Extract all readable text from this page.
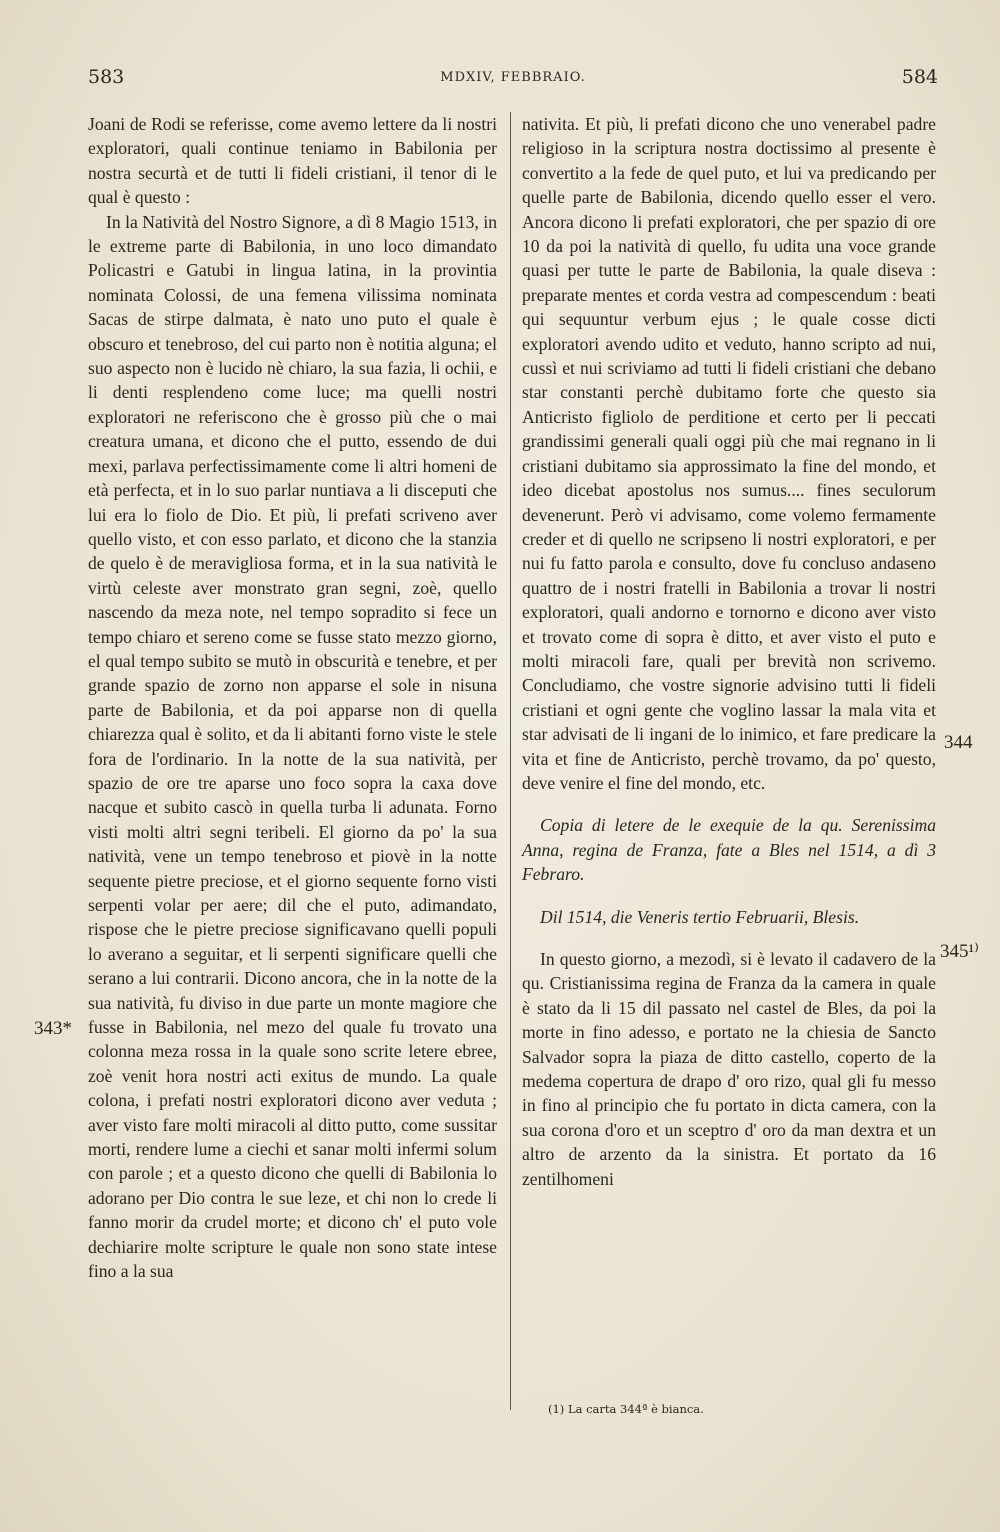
583	MDXIV, FEBBRAIO.	584

Joani de Rodi se referisse, come avemo lettere da li nostri exploratori, quali continue teniamo in Babilonia per nostra securtà et de tutti li fideli cristiani, il tenor di le qual è questo :

In la Natività del Nostro Signore, a dì 8 Magio 1513, in le extreme parte di Babilonia, in uno loco dimandato Policastri e Gatubi in lingua latina, in la provintia nominata Colossi, de una femena vilissima nominata Sacas de stirpe dalmata, è nato uno puto el quale è obscuro et tenebroso, del cui parto non è notitia alguna; el suo aspecto non è lucido nè chiaro, la sua fazia, li ochii, e li denti resplendeno come luce; ma quelli nostri exploratori ne referiscono che è grosso più che o mai creatura umana, et dicono che el putto, essendo de dui mexi, parlava perfectissimamente come li altri homeni de età perfecta, et in lo suo parlar nuntiava a li disceputi che lui era lo fiolo de Dio. Et più, li prefati scriveno aver quello visto, et con esso parlato, et dicono che la stanzia de quelo è de meravigliosa forma, et in la sua natività le virtù celeste aver monstrato gran segni, zoè, quello nascendo da meza note, nel tempo sopradito si fece un tempo chiaro et sereno come se fusse stato mezzo giorno, el qual tempo subito se mutò in obscurità e tenebre, et per grande spazio de zorno non apparse el sole in nisuna parte de Babilonia, et da poi apparse non di quella chiarezza qual è solito, et da li abitanti forno viste le stele fora de l'ordinario. In la notte de la sua natività, per spazio de ore tre aparse uno foco sopra la caxa dove nacque et subito cascò in quella turba li adunata. Forno visti molti altri segni teribeli. El giorno da po' la sua natività, vene un tempo tenebroso et piovè in la notte sequente pietre preciose, et el giorno sequente forno visti serpenti volar per aere; dil che el puto, adimandato, rispose che le pietre preciose significavano quelli populi lo averano a seguitar, et li serpenti significare quelli che serano a lui contrarii. Dicono ancora, che in la notte de la sua natività, fu diviso in due parte un monte magiore che fusse in Babilonia, nel mezo del quale fu trovato una colonna meza rossa in la quale sono scrite letere ebree, zoè venit hora nostri acti exitus de mundo. La quale colona, i prefati nostri exploratori dicono aver veduta ; aver visto fare molti miracoli al ditto putto, come sussitar morti, rendere lume a ciechi et sanar molti infermi solum con parole ; et a questo dicono che quelli di Babilonia lo adorano per Dio contra le sue leze, et chi non lo crede li fanno morir da crudel morte; et dicono ch' el puto vole dechiarire molte scripture le quale non sono state intese fino a la sua

nativita. Et più, li prefati dicono che uno venerabel padre religioso in la scriptura nostra doctissimo al presente è convertito a la fede de quel puto, et lui va predicando per quelle parte de Babilonia, dicendo quello esser el vero. Ancora dicono li prefati exploratori, che per spazio di ore 10 da poi la natività di quello, fu udita una voce grande quasi per tutte le parte de Babilonia, la quale diseva : preparate mentes et corda vestra ad compescendum : beati qui sequuntur verbum ejus ; le quale cosse dicti exploratori avendo udito et veduto, hanno scripto ad nui, cussì et nui scriviamo ad tutti li fideli cristiani che debano star constanti perchè dubitamo forte che questo sia Anticristo figliolo de perditione et certo per li peccati grandissimi generali quali oggi più che mai regnano in li cristiani dubitamo sia approssimato la fine del mondo, et ideo dicebat apostolus nos sumus.... fines seculorum devenerunt. Però vi advisamo, come volemo fermamente creder et di quello ne scripseno li nostri exploratori, e per nui fu fatto parola e consulto, dove fu concluso andaseno quattro de i nostri fratelli in Babilonia a trovar li nostri exploratori, quali andorno e tornorno e dicono aver visto et trovato come di sopra è ditto, et aver visto el puto e molti miracoli fare, quali per brevità non scrivemo. Concludiamo, che vostre signorie advisino tutti li fideli cristiani et ogni gente che voglino lassar la mala vita et star advisati de li ingani de lo inimico, et fare predicare la vita et fine de Anticristo, perchè trovamo, da po' questo, deve venire el fine del mondo, etc.

Copia di letere de le exequie de la qu. Serenissima Anna, regina de Franza, fate a Bles nel 1514, a dì 3 Febraro.

Dil 1514, die Veneris tertio Februarii, Blesis.

In questo giorno, a mezodì, si è levato il cadavero de la qu. Cristianissima regina de Franza da la camera in quale è stato da li 15 dil passato nel castel de Bles, da poi la morte in fino adesso, e portato ne la chiesia de Sancto Salvador sopra la piaza de ditto castello, coperto de la medema copertura de drapo d' oro rizo, qual gli fu messo in fino al principio che fu portato in dicta camera, con la sua corona d'oro et un sceptro d' oro da man dextra et un altro de arzento da la sinistra. Et portato da 16 zentilhomeni

343*
344
345¹⁾
(1) La carta 344ª è bianca.
